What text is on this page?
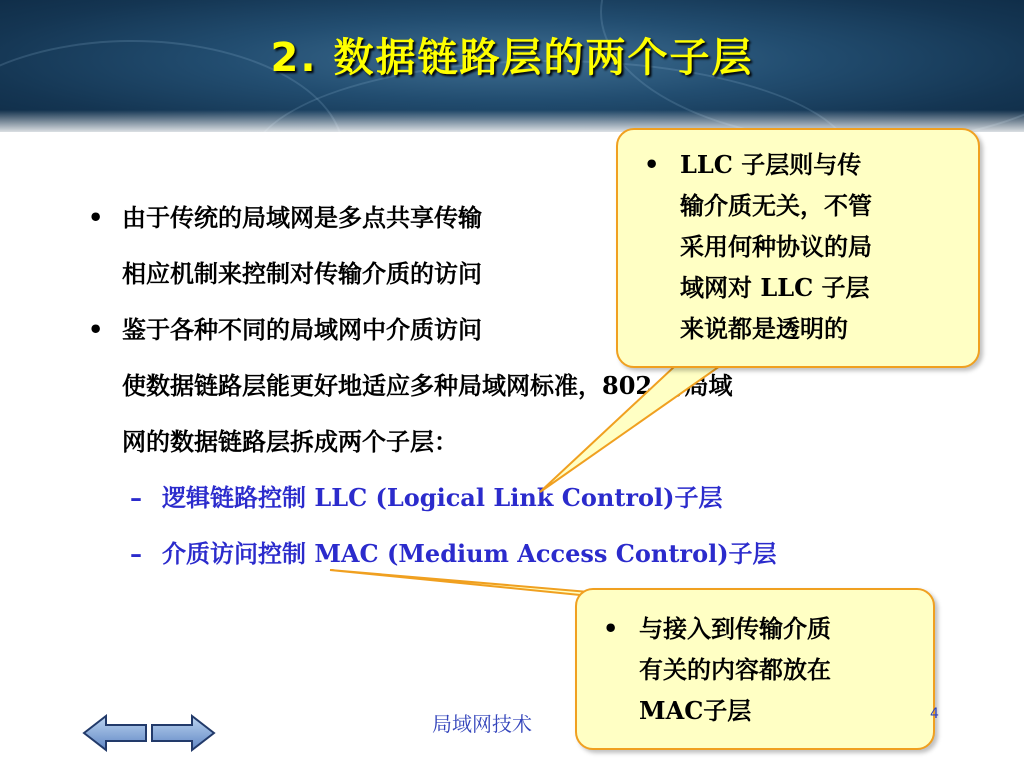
2. 数据链路层的两个子层
• 由于传统的局域网是多点共享传输
相应机制来控制对传输介质的访问
• 鉴于各种不同的局域网中介质访问
使数据链路层能更好地适应多种局域网标准，802 将局域
网的数据链路层拆成两个子层：
– 逻辑链路控制 LLC (Logical Link Control)子层
– 介质访问控制 MAC (Medium Access Control)子层
• LLC 子层则与传
输介质无关，不管
采用何种协议的局
域网对 LLC 子层
来说都是透明的
• 与接入到传输介质
有关的内容都放在
MAC子层
局域网技术	4
